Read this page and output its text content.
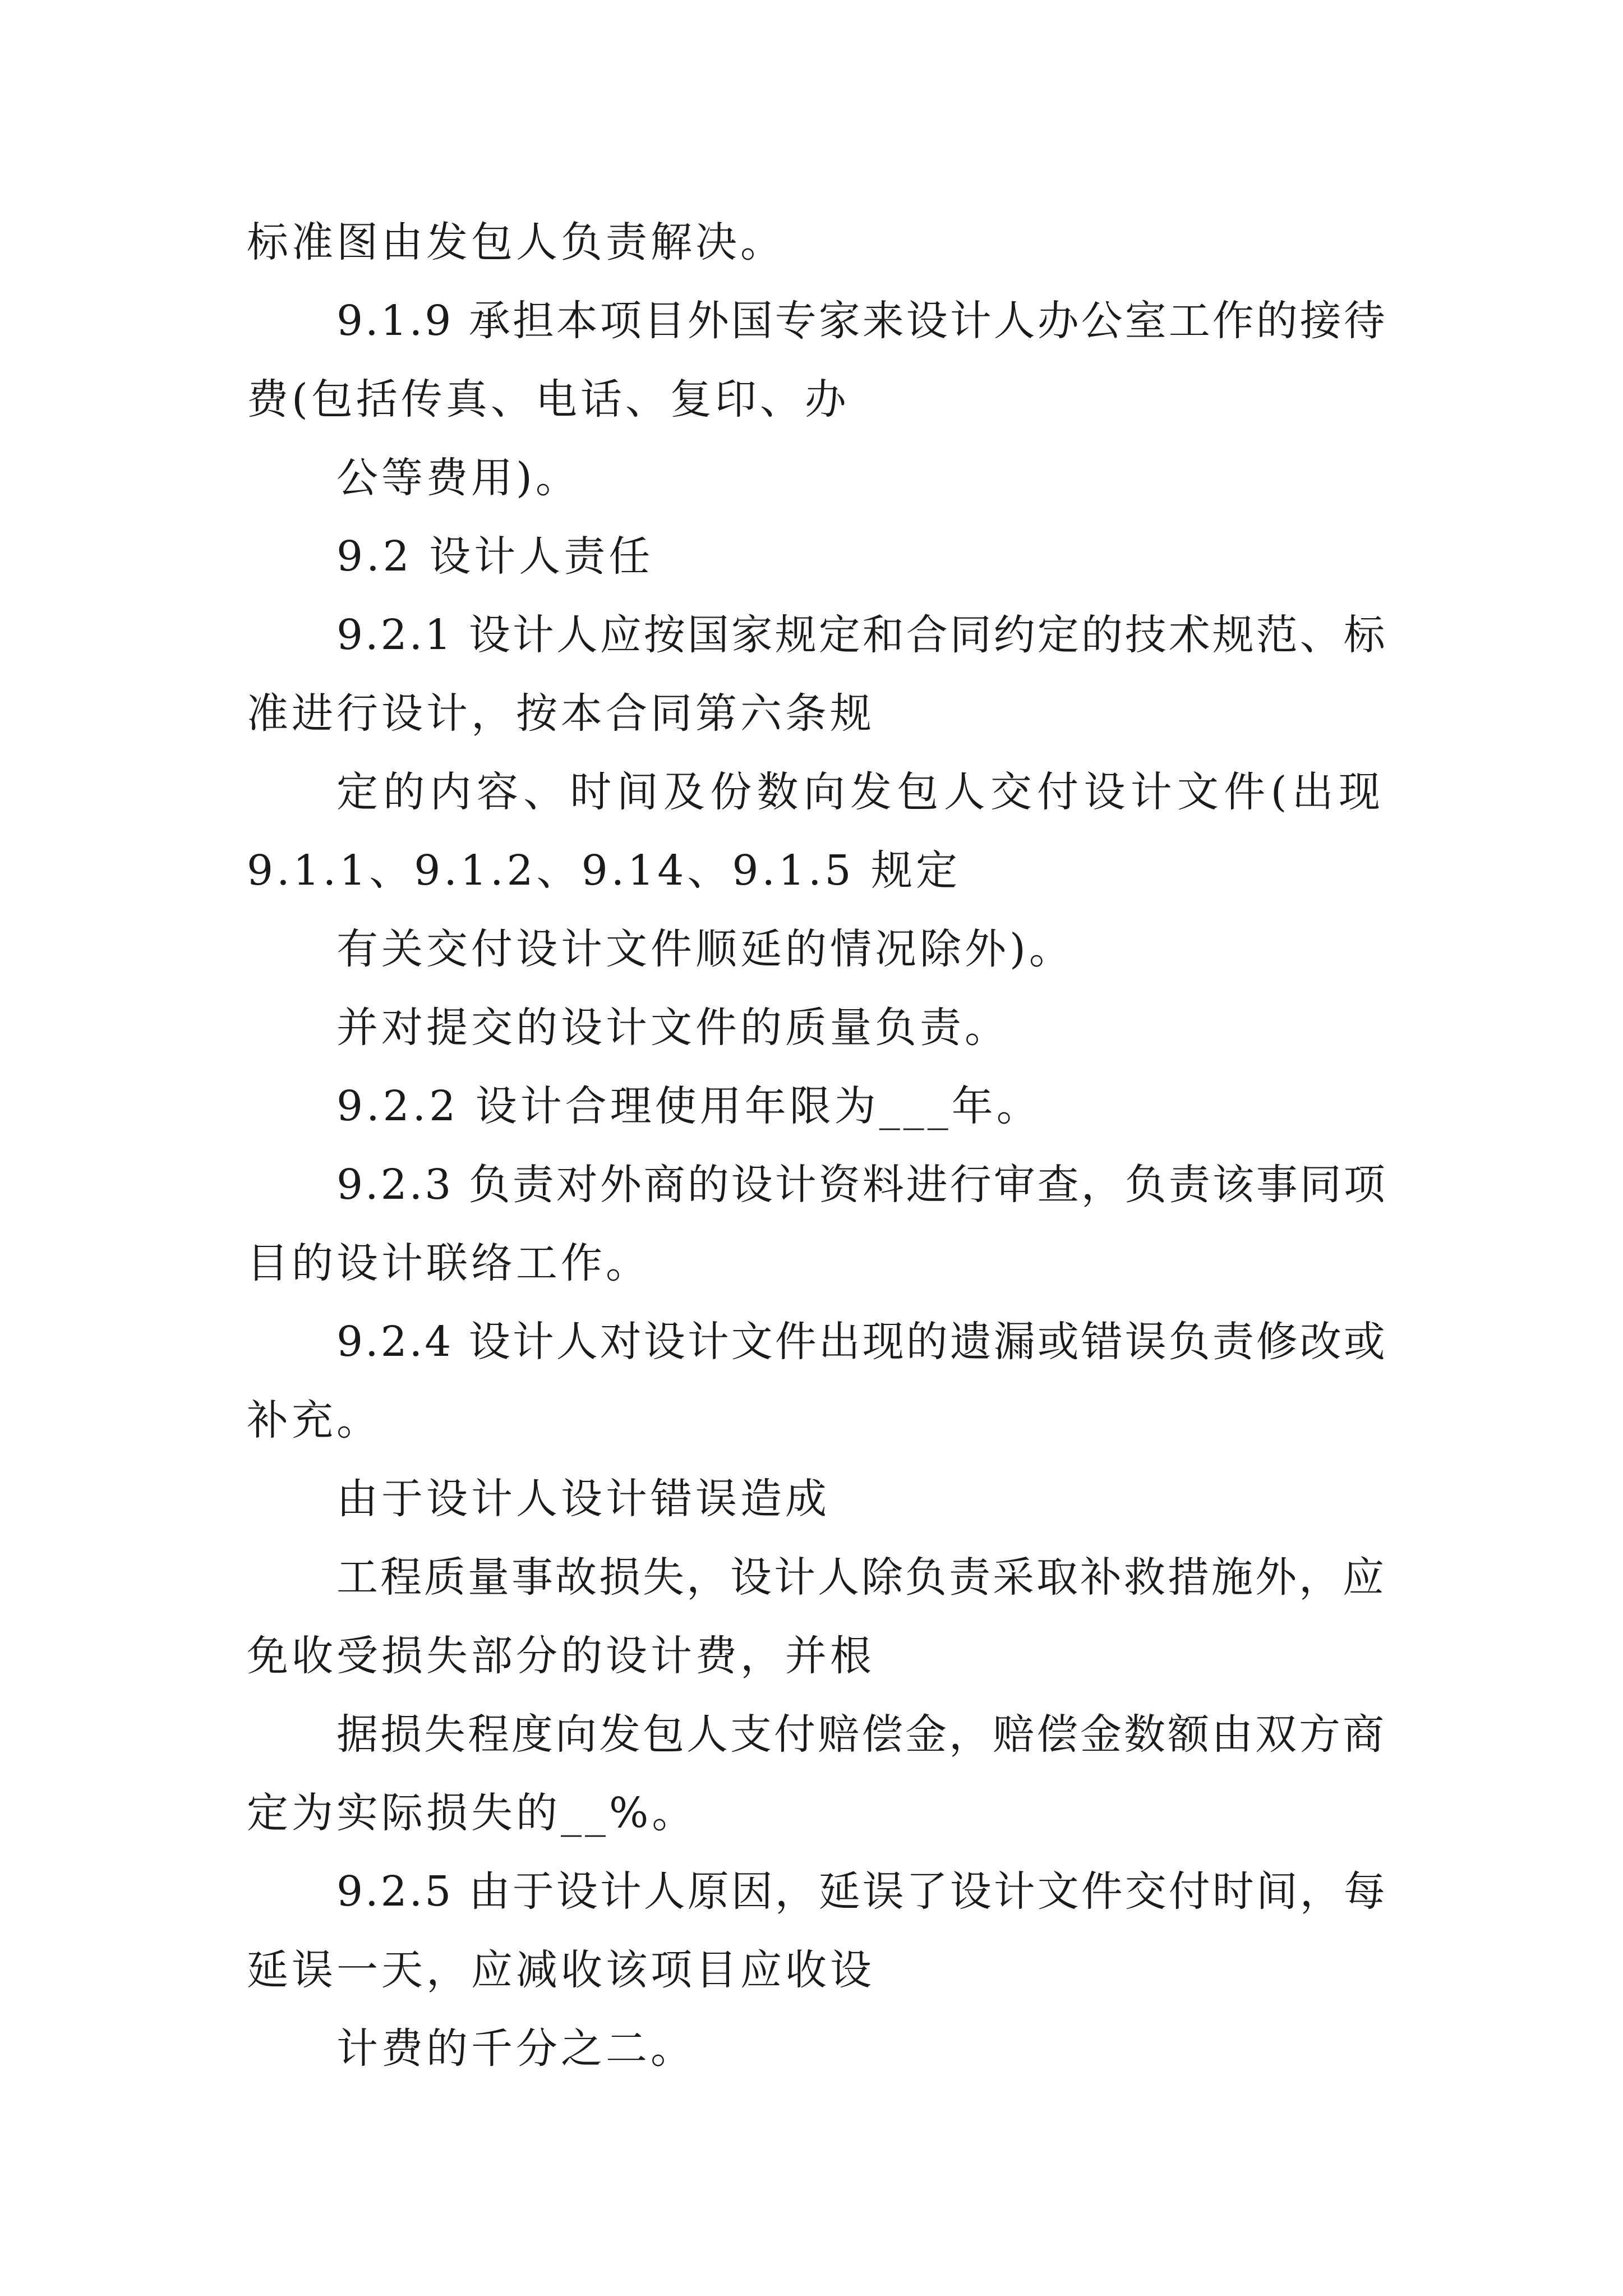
标准图由发包人负责解决。
9.1.9 承担本项目外国专家来设计人办公室工作的接待
费(包括传真、电话、复印、办
公等费用)。
9.2 设计人责任
9.2.1 设计人应按国家规定和合同约定的技术规范、标
准进行设计，按本合同第六条规
定的内容、时间及份数向发包人交付设计文件(出现
9.1.1、9.1.2、9.14、9.1.5 规定
有关交付设计文件顺延的情况除外)。
并对提交的设计文件的质量负责。
9.2.2 设计合理使用年限为___年。
9.2.3 负责对外商的设计资料进行审查，负责该事同项
目的设计联络工作。
9.2.4 设计人对设计文件出现的遗漏或错误负责修改或
补充。
由于设计人设计错误造成
工程质量事故损失，设计人除负责采取补救措施外，应
免收受损失部分的设计费，并根
据损失程度向发包人支付赔偿金，赔偿金数额由双方商
定为实际损失的__%。
9.2.5 由于设计人原因，延误了设计文件交付时间，每
延误一天，应减收该项目应收设
计费的千分之二。
